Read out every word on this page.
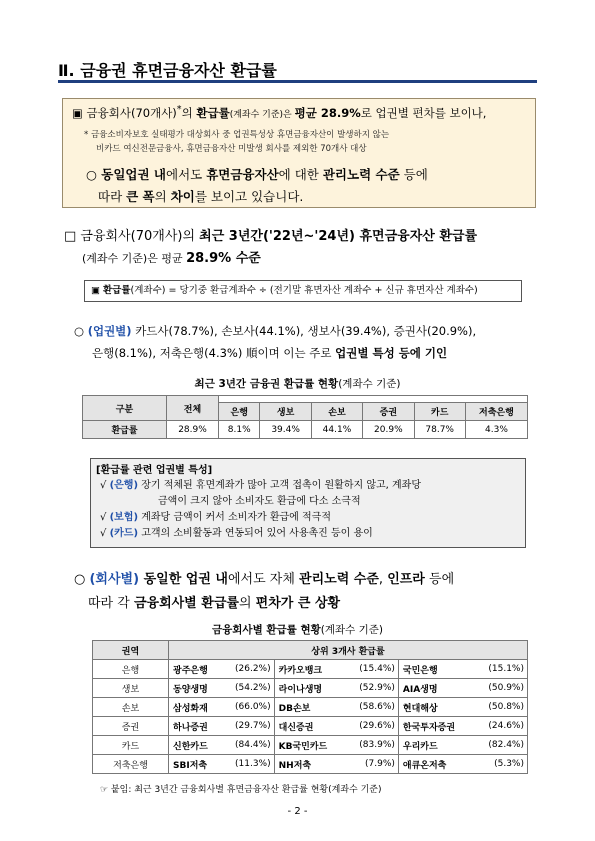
Ⅱ. 금융권 휴면금융자산 환급률
▣ 금융회사(70개사)*의 환급률(계좌수 기준)은 평균 28.9%로 업권별 편차를 보이나,
* 금융소비자보호 실태평가 대상회사 중 업권특성상 휴면금융자산이 발생하지 않는
비카드 여신전문금융사, 휴면금융자산 미발생 회사를 제외한 70개사 대상
○ 동일업권 내에서도 휴면금융자산에 대한 관리노력 수준 등에
따라 큰 폭의 차이를 보이고 있습니다.
□ 금융회사(70개사)의 최근 3년간('22년~'24년) 휴면금융자산 환급률
(계좌수 기준)은 평균 28.9% 수준
▣ 환급률(계좌수) = 당기중 환급계좌수 ÷ (전기말 휴면자산 계좌수 + 신규 휴면자산 계좌수)
○ (업권별) 카드사(78.7%), 손보사(44.1%), 생보사(39.4%), 증권사(20.9%),
은행(8.1%), 저축은행(4.3%) 順이며 이는 주로 업권별 특성 등에 기인
최근 3년간 금융권 환급률 현황(계좌수 기준)
구분	전체						
		은행	생보	손보	증권	카드	저축은행
환급률	28.9%	8.1%	39.4%	44.1%	20.9%	78.7%	4.3%
[환급률 관련 업권별 특성]
√ (은행) 장기 적체된 휴면계좌가 많아 고객 접촉이 원활하지 않고, 계좌당
금액이 크지 않아 소비자도 환급에 다소 소극적
√ (보험) 계좌당 금액이 커서 소비자가 환급에 적극적
√ (카드) 고객의 소비활동과 연동되어 있어 사용촉진 등이 용이
○ (회사별) 동일한 업권 내에서도 자체 관리노력 수준, 인프라 등에
따라 각 금융회사별 환급률의 편차가 큰 상황
금융회사별 환급률 현황(계좌수 기준)
권역	상위 3개사 환급률					
은행	광주은행	(26.2%)	카카오뱅크	(15.4%)	국민은행	(15.1%)
생보	동양생명	(54.2%)	라이나생명	(52.9%)	AIA생명	(50.9%)
손보	삼성화재	(66.0%)	DB손보	(58.6%)	현대해상	(50.8%)
증권	하나증권	(29.7%)	대신증권	(29.6%)	한국투자증권	(24.6%)
카드	신한카드	(84.4%)	KB국민카드	(83.9%)	우리카드	(82.4%)
저축은행	SBI저축	(11.3%)	NH저축	(7.9%)	애큐온저축	(5.3%)
☞ 붙임: 최근 3년간 금융회사별 휴면금융자산 환급률 현황(계좌수 기준)
- 2 -
